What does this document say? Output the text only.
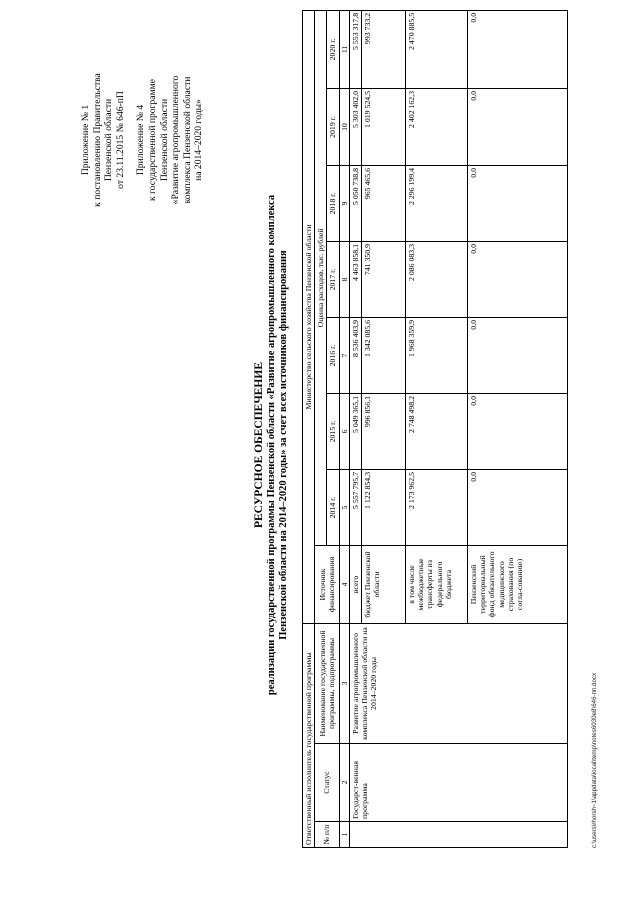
Приложение № 1 к постановлению Правительства Пензенской области от 23.11.2015 № 646-пП Приложение № 4 к государственной программе Пензенской области «Развитие агропромышленного комплекса Пензенской области на 2014–2020 годы»
РЕСУРСНОЕ ОБЕСПЕЧЕНИЕ реализации государственной программы Пензенской области «Развитие агропромышленного комплекса Пензенской области на 2014–2020 годы» за счет всех источников финансирования
Ответственный исполнитель государственной программы			Министерство сельского хозяйства Пензенской области							
№ п/п	Статус	Наименование государственной программы, подпрограммы	Источник финансирования	Оценка расходов, тыс. рублей						
				2014 г.	2015 г.	2016 г.	2017 г.	2018 г.	2019 г.	2020 г.
1	2	3	4	5	6	7	8	9	10	11
	Государст-венная программа	Развитие агропромышленного комплекса Пензенской области на 2014–2020 годы	всего	5 557 795,7	5 049 365,1	8 536 403,9	4 463 858,1	5 050 738,8	5 303 402,0	5 553 317,8
			бюджет Пензенской области	1 122 854,3	996 856,1	1 342 085,6	741 350,9	965 465,6	1 019 524,5	993 733,2
			в том числе межбюджетные трансферты из федерального бюджета	2 173 962,5	2 748 498,2	1 968 359,9	2 086 083,3	2 296 199,4	2 402 162,3	2 470 885,5
			Пензенский территориальный фонд обязательного медицинского страхования (по согла-сованию)	0,0	0,0	0,0	0,0	0,0	0,0	0,0
c:\users\rhorsh~1\appdata\local\temp\notes6030e8\646-пп.docx
